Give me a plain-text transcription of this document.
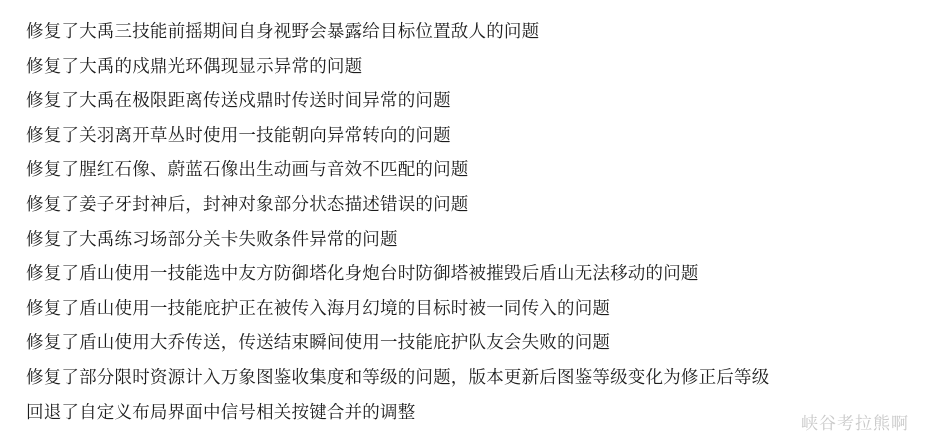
修复了大禹三技能前摇期间自身视野会暴露给目标位置敌人的问题
修复了大禹的戍鼎光环偶现显示异常的问题
修复了大禹在极限距离传送戍鼎时传送时间异常的问题
修复了关羽离开草丛时使用一技能朝向异常转向的问题
修复了腥红石像、蔚蓝石像出生动画与音效不匹配的问题
修复了姜子牙封神后，封神对象部分状态描述错误的问题
修复了大禹练习场部分关卡失败条件异常的问题
修复了盾山使用一技能选中友方防御塔化身炮台时防御塔被摧毁后盾山无法移动的问题
修复了盾山使用一技能庇护正在被传入海月幻境的目标时被一同传入的问题
修复了盾山使用大乔传送，传送结束瞬间使用一技能庇护队友会失败的问题
修复了部分限时资源计入万象图鉴收集度和等级的问题，版本更新后图鉴等级变化为修正后等级
回退了自定义布局界面中信号相关按键合并的调整
峡谷考拉熊啊
